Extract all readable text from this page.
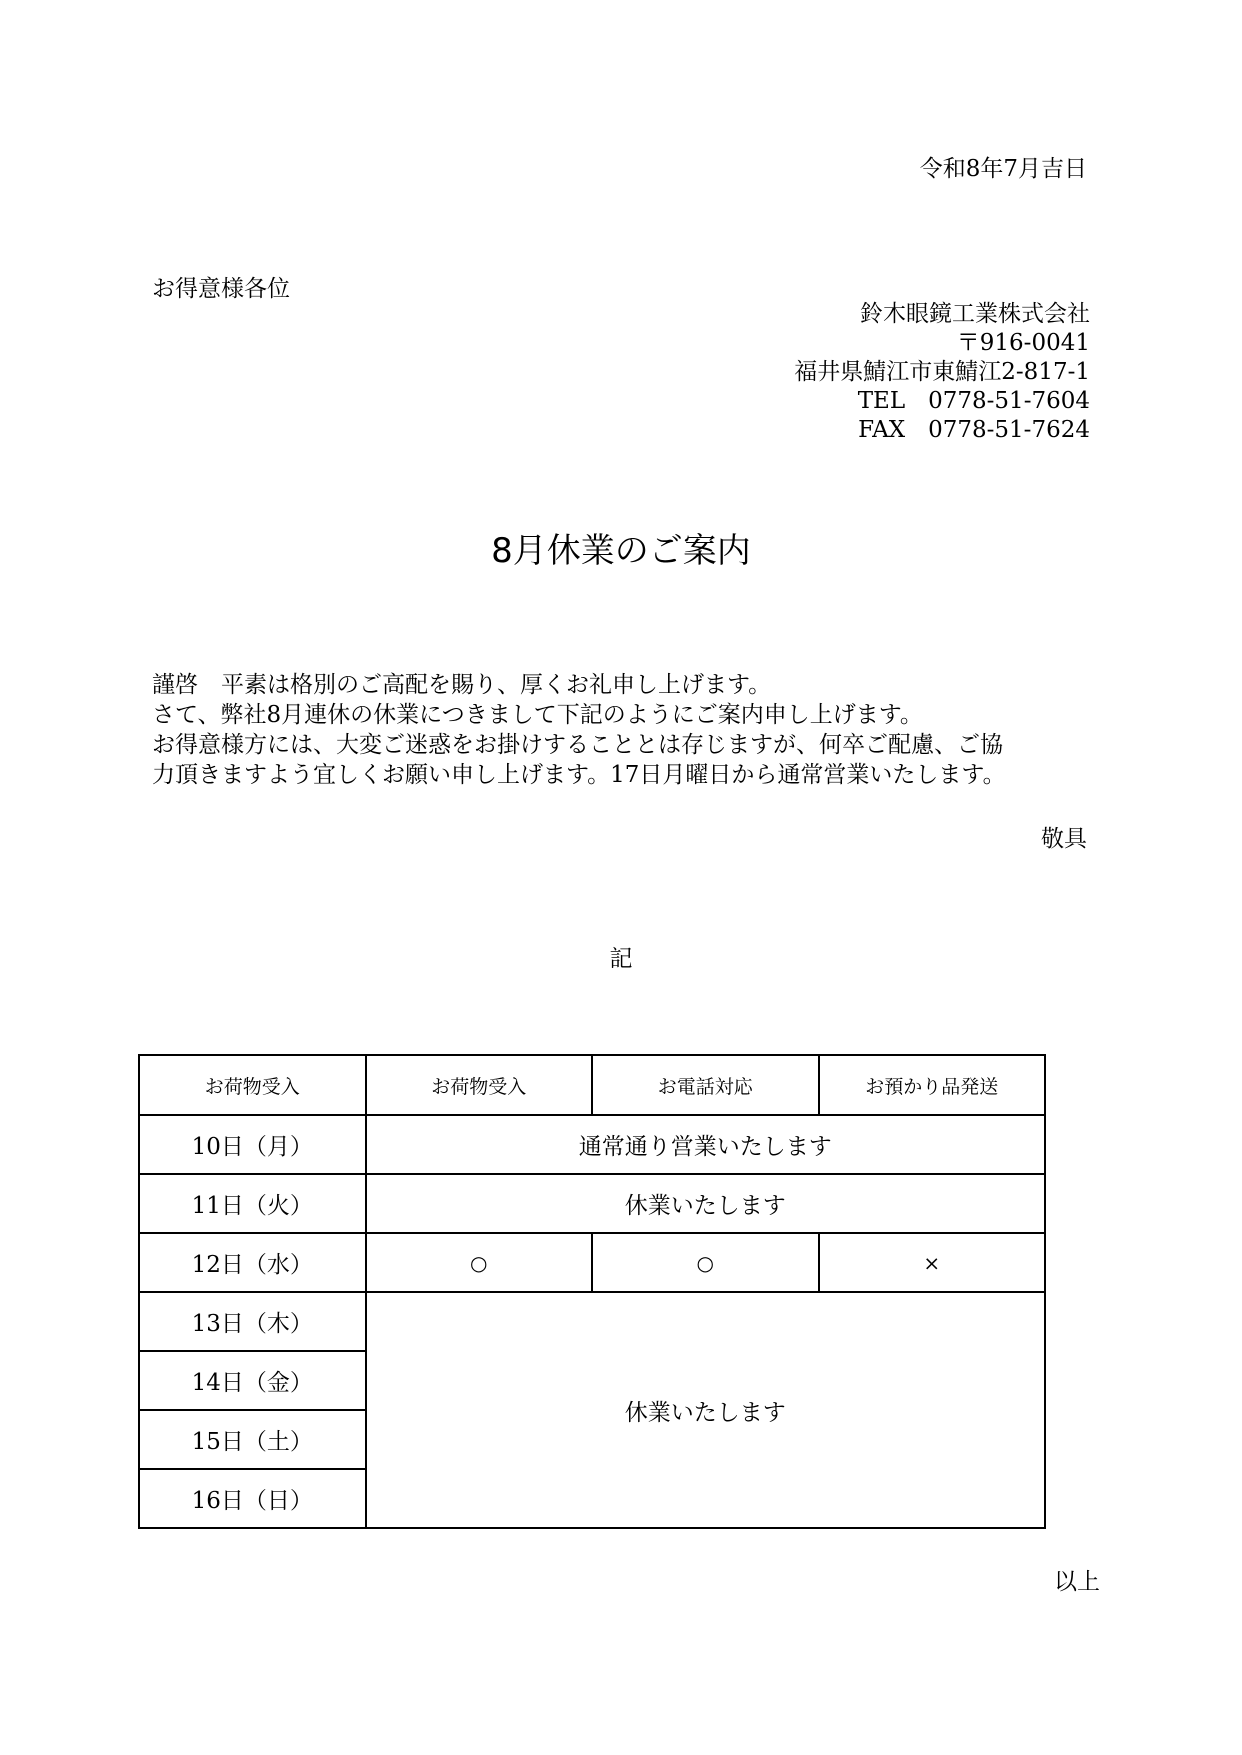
令和8年7月吉日
お得意様各位
鈴木眼鏡工業株式会社
〒916-0041
福井県鯖江市東鯖江2-817-1
TEL　0778-51-7604
FAX　0778-51-7624
8月休業のご案内

謹啓　平素は格別のご高配を賜り、厚くお礼申し上げます。

さて、弊社8月連休の休業につきまして下記のようにご案内申し上げます。

お得意様方には、大変ご迷惑をお掛けすることとは存じますが、何卒ご配慮、ご協

力頂きますよう宜しくお願い申し上げます。17日月曜日から通常営業いたします。

敬具
記
お荷物受入	お荷物受入	お電話対応	お預かり品発送
10日（月）	通常通り営業いたします		
11日（火）	休業いたします		
12日（水）	○	○	×
13日（木）	休業いたします		
14日（金）			
15日（土）			
16日（日）			
以上
